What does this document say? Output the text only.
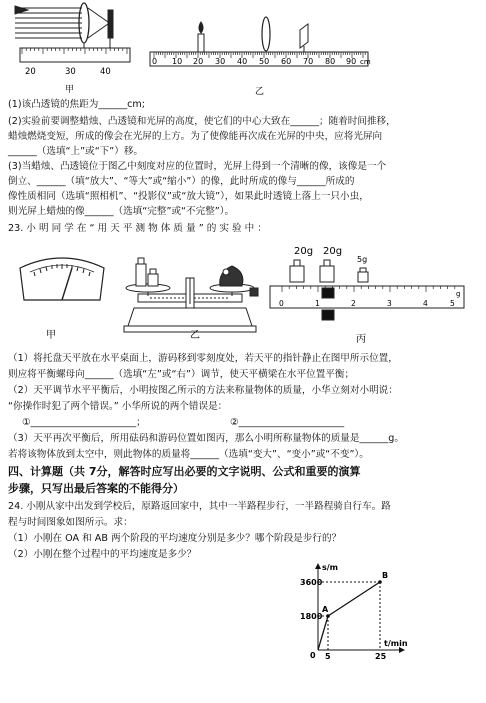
20	30	40
甲
0 10 20 30 40 50 60 70 80 90 cm
乙
(1)该凸透镜的焦距为______cm;
(2)实验前要调整蜡烛、凸透镜和光屏的高度，使它们的中心大致在______；随着时间推移，
蜡烛燃烧变短，所成的像会在光屏的上方。为了使像能再次成在光屏的中央，应将光屏向
______（选填“上”或“下”）移。
(3)当蜡烛、凸透镜位于图乙中刻度对应的位置时，光屏上得到一个清晰的像，该像是一个
倒立、______（填“放大”、“等大”或“缩小”）的像，此时所成的像与______所成的
像性质相同（选填“照相机”、“投影仪”或“放大镜”），如果此时透镜上落上一只小虫，
则光屏上蜡烛的像______（选填“完整”或“不完整”）。
23. 小 明 同 学 在 “ 用 天 平 测 物 体 质 量 ” 的 实 验 中 ：
甲	乙
20g 20g
5g
0	1	2	3	4	5
g
丙
（1）将托盘天平放在水平桌面上，游码移到零刻度处，若天平的指针静止在图甲所示位置，
则应将平衡螺母向______（选填“左”或“右”）调节，使天平横梁在水平位置平衡；
（2）天平调节水平平衡后，小明按图乙所示的方法来称量物体的质量，小华立刻对小明说：
“你操作时犯了两个错误。” 小华所说的两个错误是：
①______________________；	②______________________
（3）天平再次平衡后，所用砝码和游码位置如图丙，那么小明所称量物体的质量是______g。
若将该物体放到太空中，则此物体的质量将______（选填“变大”、“变小”或“不变”）。
四、计算题（共 7分，解答时应写出必要的文字说明、公式和重要的演算
步骤，只写出最后答案的不能得分）
24. 小刚从家中出发到学校后，原路返回家中，其中一半路程步行，一半路程骑自行车。路
程与时间图象如图所示。求：
（1）小刚在 OA 和 AB 两个阶段的平均速度分别是多少？哪个阶段是步行的？
（2）小刚在整个过程中的平均速度是多少？
s/m
t/min
3600
1800
5	25
0
A
B
